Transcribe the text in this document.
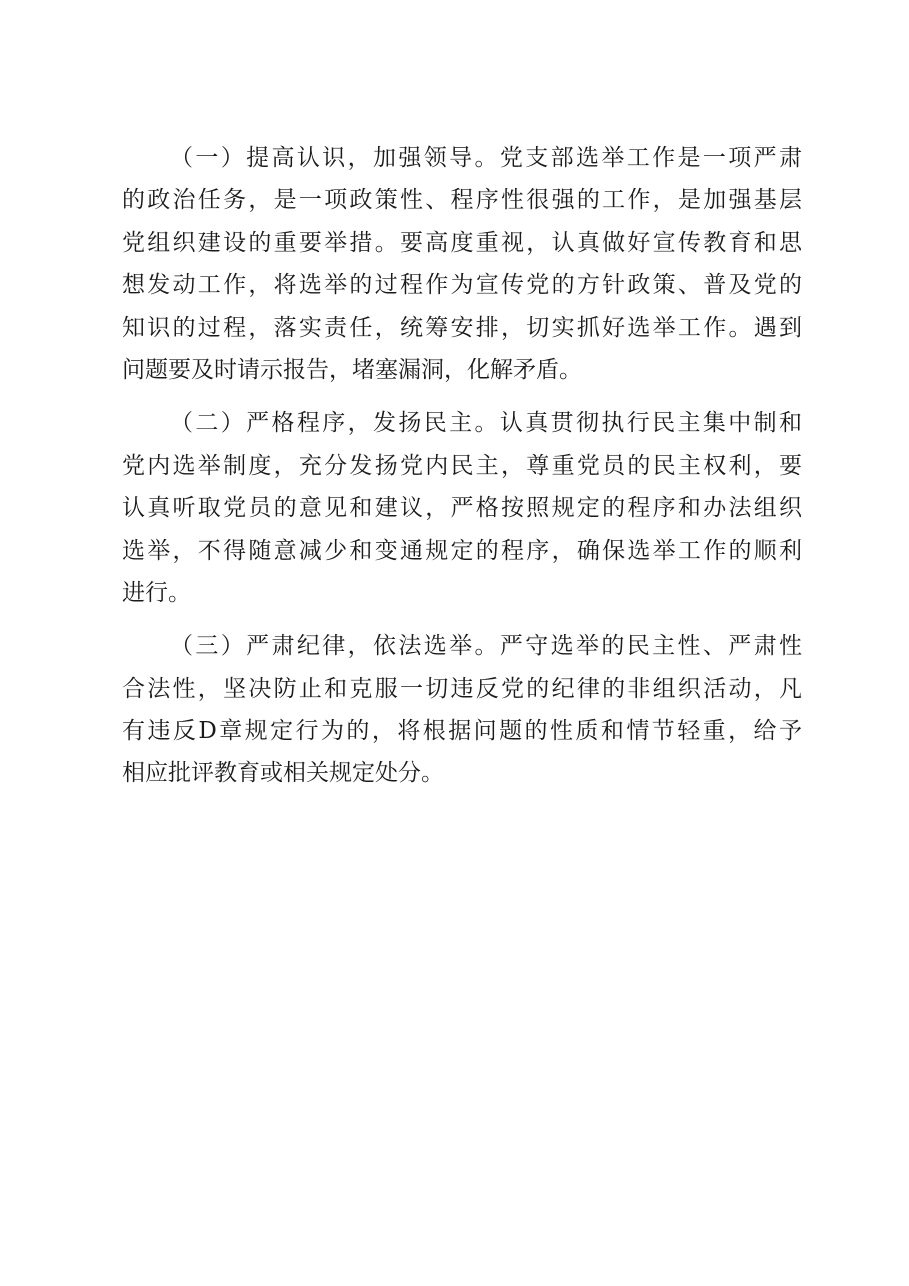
（一）提高认识，加强领导。党支部选举工作是一项严肃
的政治任务，是一项政策性、程序性很强的工作，是加强基层
党组织建设的重要举措。要高度重视，认真做好宣传教育和思
想发动工作，将选举的过程作为宣传党的方针政策、普及党的
知识的过程，落实责任，统筹安排，切实抓好选举工作。遇到
问题要及时请示报告，堵塞漏洞，化解矛盾。
（二）严格程序，发扬民主。认真贯彻执行民主集中制和
党内选举制度，充分发扬党内民主，尊重党员的民主权利，要
认真听取党员的意见和建议，严格按照规定的程序和办法组织
选举，不得随意减少和变通规定的程序，确保选举工作的顺利
进行。
（三）严肃纪律，依法选举。严守选举的民主性、严肃性
合法性，坚决防止和克服一切违反党的纪律的非组织活动，凡
有违反D章规定行为的，将根据问题的性质和情节轻重，给予
相应批评教育或相关规定处分。
